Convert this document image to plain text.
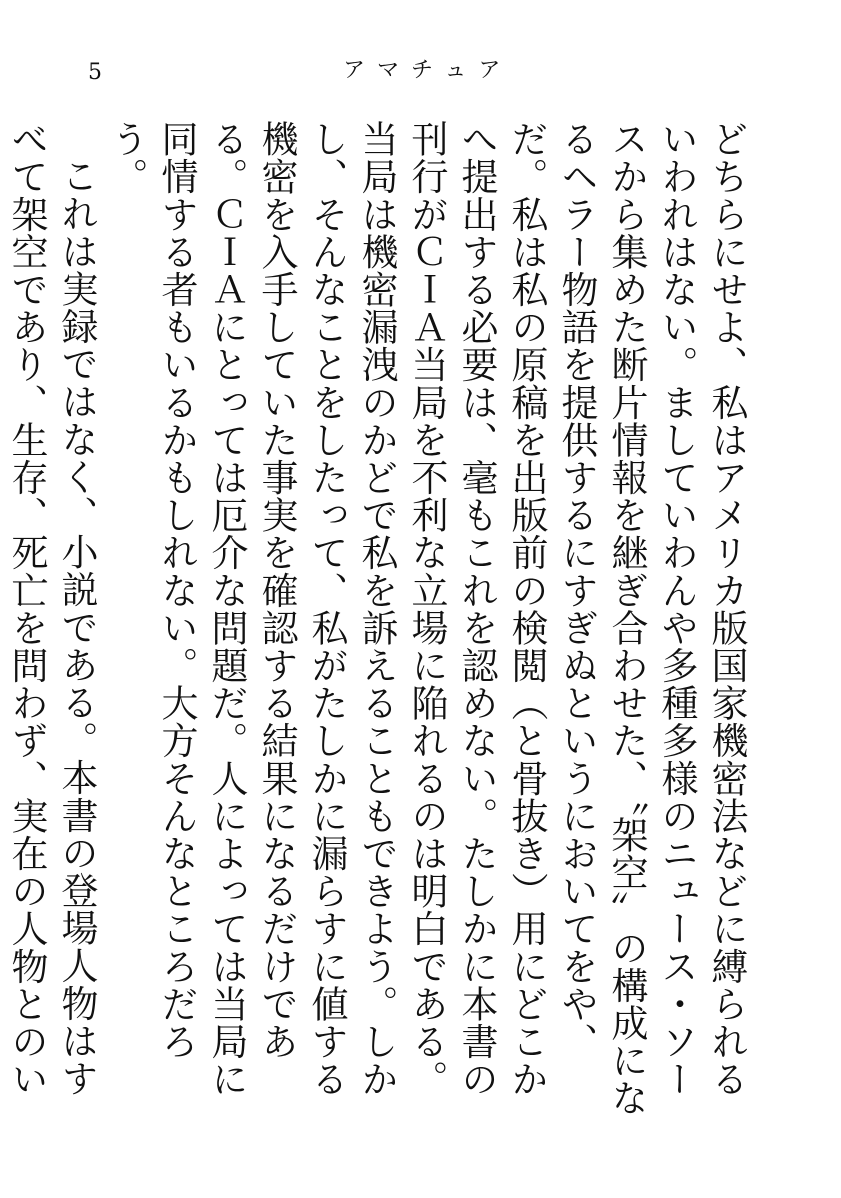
5	アマチュア

どちらにせよ、私はアメリカ版国家機密法などに縛られるいわれはない。ましていわんや多種多様のニュース・ソースから集めた断片情報を継ぎ合わせた、〝架空〟の構成になるヘラー物語を提供するにすぎぬというにおいてをや、だ。私は私の原稿を出版前の検閲（と骨抜き）用にどこかへ提出する必要は、毫もこれを認めない。たしかに本書の刊行がＣＩＡ当局を不利な立場に陥れるのは明白である。当局は機密漏洩のかどで私を訴えることもできよう。しかし、そんなことをしたって、私がたしかに漏らすに値する機密を入手していた事実を確認する結果になるだけである。ＣＩＡにとっては厄介な問題だ。人によっては当局に同情する者もいるかもしれない。大方そんなところだろう。

これは実録ではなく、小説である。本書の登場人物はすべて架空であり、生存、死亡を問わず、実在の人物とのい
